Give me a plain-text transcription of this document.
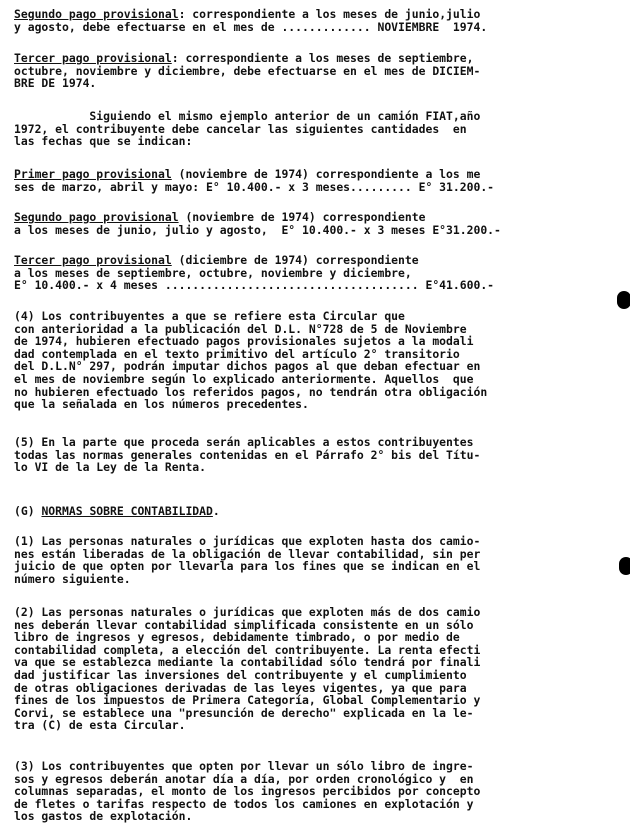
Segundo pago provisional: correspondiente a los meses de junio,julio
y agosto, debe efectuarse en el mes de ............. NOVIEMBRE  1974.
Tercer pago provisional: correspondiente a los meses de septiembre,
octubre, noviembre y diciembre, debe efectuarse en el mes de DICIEM-
BRE DE 1974.
Siguiendo el mismo ejemplo anterior de un camión FIAT,año
1972, el contribuyente debe cancelar las siguientes cantidades  en
las fechas que se indican:
Primer pago provisional (noviembre de 1974) correspondiente a los me
ses de marzo, abril y mayo: E° 10.400.- x 3 meses......... E° 31.200.-
Segundo pago provisional (noviembre de 1974) correspondiente
a los meses de junio, julio y agosto,  E° 10.400.- x 3 meses E°31.200.-
Tercer pago provisional (diciembre de 1974) correspondiente
a los meses de septiembre, octubre, noviembre y diciembre,
E° 10.400.- x 4 meses ..................................... E°41.600.-
(4) Los contribuyentes a que se refiere esta Circular que
con anterioridad a la publicación del D.L. N°728 de 5 de Noviembre
de 1974, hubieren efectuado pagos provisionales sujetos a la modali
dad contemplada en el texto primitivo del artículo 2° transitorio
del D.L.N° 297, podrán imputar dichos pagos al que deban efectuar en
el mes de noviembre según lo explicado anteriormente. Aquellos  que
no hubieren efectuado los referidos pagos, no tendrán otra obligación
que la señalada en los números precedentes.
(5) En la parte que proceda serán aplicables a estos contribuyentes
todas las normas generales contenidas en el Párrafo 2° bis del Títu-
lo VI de la Ley de la Renta.
(G) NORMAS SOBRE CONTABILIDAD.
(1) Las personas naturales o jurídicas que exploten hasta dos camio-
nes están liberadas de la obligación de llevar contabilidad, sin per
juicio de que opten por llevarla para los fines que se indican en el
número siguiente.
(2) Las personas naturales o jurídicas que exploten más de dos camio
nes deberán llevar contabilidad simplificada consistente en un sólo
libro de ingresos y egresos, debidamente timbrado, o por medio de
contabilidad completa, a elección del contribuyente. La renta efecti
va que se establezca mediante la contabilidad sólo tendrá por finali
dad justificar las inversiones del contribuyente y el cumplimiento
de otras obligaciones derivadas de las leyes vigentes, ya que para
fines de los impuestos de Primera Categoría, Global Complementario y
Corvi, se establece una "presunción de derecho" explicada en la le-
tra (C) de esta Circular.
(3) Los contribuyentes que opten por llevar un sólo libro de ingre-
sos y egresos deberán anotar día a día, por orden cronológico y  en
columnas separadas, el monto de los ingresos percibidos por concepto
de fletes o tarifas respecto de todos los camiones en explotación y
los gastos de explotación.
